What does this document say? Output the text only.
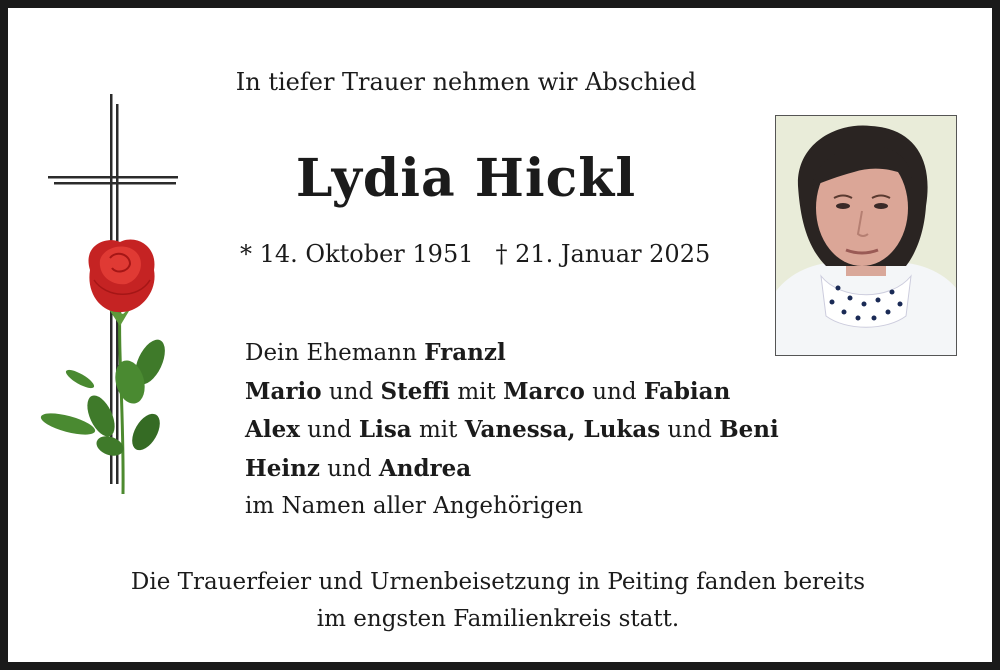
In tiefer Trauer nehmen wir Abschied
Lydia Hickl
* 14. Oktober 1951 † 21. Januar 2025
Dein Ehemann Franzl
Mario und Steffi mit Marco und Fabian
Alex und Lisa mit Vanessa, Lukas und Beni
Heinz und Andrea
im Namen aller Angehörigen
Die Trauerfeier und Urnenbeisetzung in Peiting fanden bereits
im engsten Familienkreis statt.
